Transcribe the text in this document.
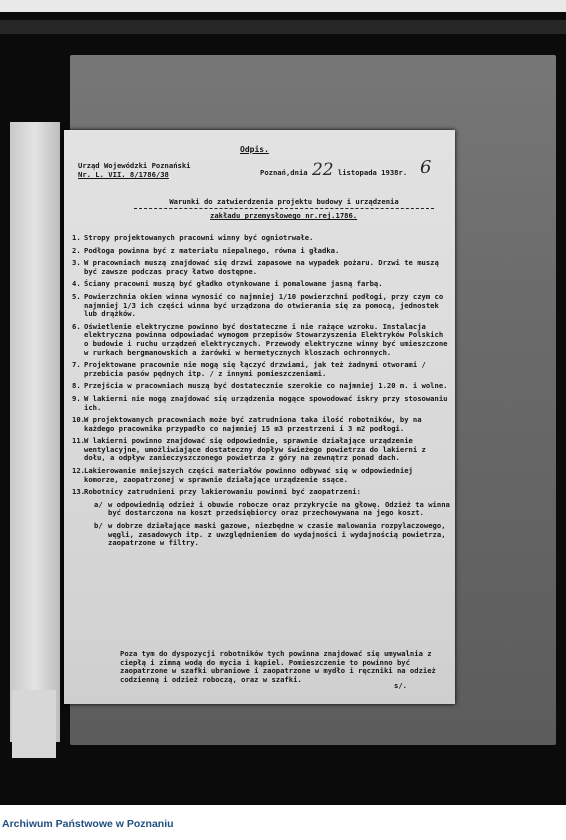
Odpis.
Urząd Wojewódzki Poznański
Nr. L. VII. 8/1786/38	Poznań,dnia 22 listopada 1938r. 6
Warunki do zatwierdzenia projektu budowy i urządzenia
zakładu przemysłowego nr.rej.1786.
1. Stropy projektowanych pracowni winny być ogniotrwałe.
2. Podłoga powinna być z materiału niepalnego, równa i gładka.
3. W pracowniach muszą znajdować się drzwi zapasowe na wypadek pożaru. Drzwi te muszą być zawsze podczas pracy łatwo dostępne.
4. Ściany pracowni muszą być gładko otynkowane i pomalowane jasną farbą.
5. Powierzchnia okien winna wynosić co najmniej 1/10 powierzchni podłogi, przy czym co najmniej 1/3 ich części winna być urządzona do otwierania się za pomocą, jednostek lub drążków.
6. Oświetlenie elektryczne powinno być dostateczne i nie rażące wzroku. Instalacja elektryczna powinna odpowiadać wymogom przepisów Stowarzyszenia Elektryków Polskich o budowie i ruchu urządzeń elektrycznych. Przewody elektryczne winny być umieszczone w rurkach bergmanowskich a żarówki w hermetycznych kloszach ochronnych.
7. Projektowane pracownie nie mogą się łączyć drzwiami, jak też żadnymi otworami / przebicia pasów pędnych itp. / z innymi pomieszczeniami.
8. Przejścia w pracowniach muszą być dostatecznie szerokie co najmniej 1.20 m. i wolne.
9. W lakierni nie mogą znajdować się urządzenia mogące spowodować iskry przy stosowaniu ich.
10. W projektowanych pracowniach może być zatrudniona taka ilość robotników, by na każdego pracownika przypadło co najmniej 15 m3 przestrzeni i 3 m2 podłogi.
11. W lakierni powinno znajdować się odpowiednie, sprawnie działające urządzenie wentylacyjne, umożliwiające dostateczny dopływ świeżego powietrza do lakierni z dołu, a odpływ zanieczyszczonego powietrza z góry na zewnątrz ponad dach.
12. Lakierowanie mniejszych części materiałów powinno odbywać się w odpowiedniej komorze, zaopatrzonej w sprawnie działające urządzenie ssące.
13. Robotnicy zatrudnieni przy lakierowaniu powinni być zaopatrzeni:
a/ w odpowiednią odzież i obuwie robocze oraz przykrycie na głowę. Odzież ta winna być dostarczona na koszt przedsiębiorcy oraz przechowywana na jego koszt.
b/ w dobrze działające maski gazowe, niezbędne w czasie malowania rozpylaczowego, węgli, zasadowych itp. z uwzględnieniem do wydajności i wydajnością powietrza, zaopatrzone w filtry.
Poza tym do dyspozycji robotników tych powinna znajdować się umywalnia z ciepłą i zimną wodą do mycia i kąpiel. Pomieszczenie to powinno być zaopatrzone w szafki ubraniowe i zaopatrzone w mydło i ręczniki na odzież codzienną i odzież roboczą, oraz w szafki.
s/.
Archiwum Państwowe w Poznaniu
